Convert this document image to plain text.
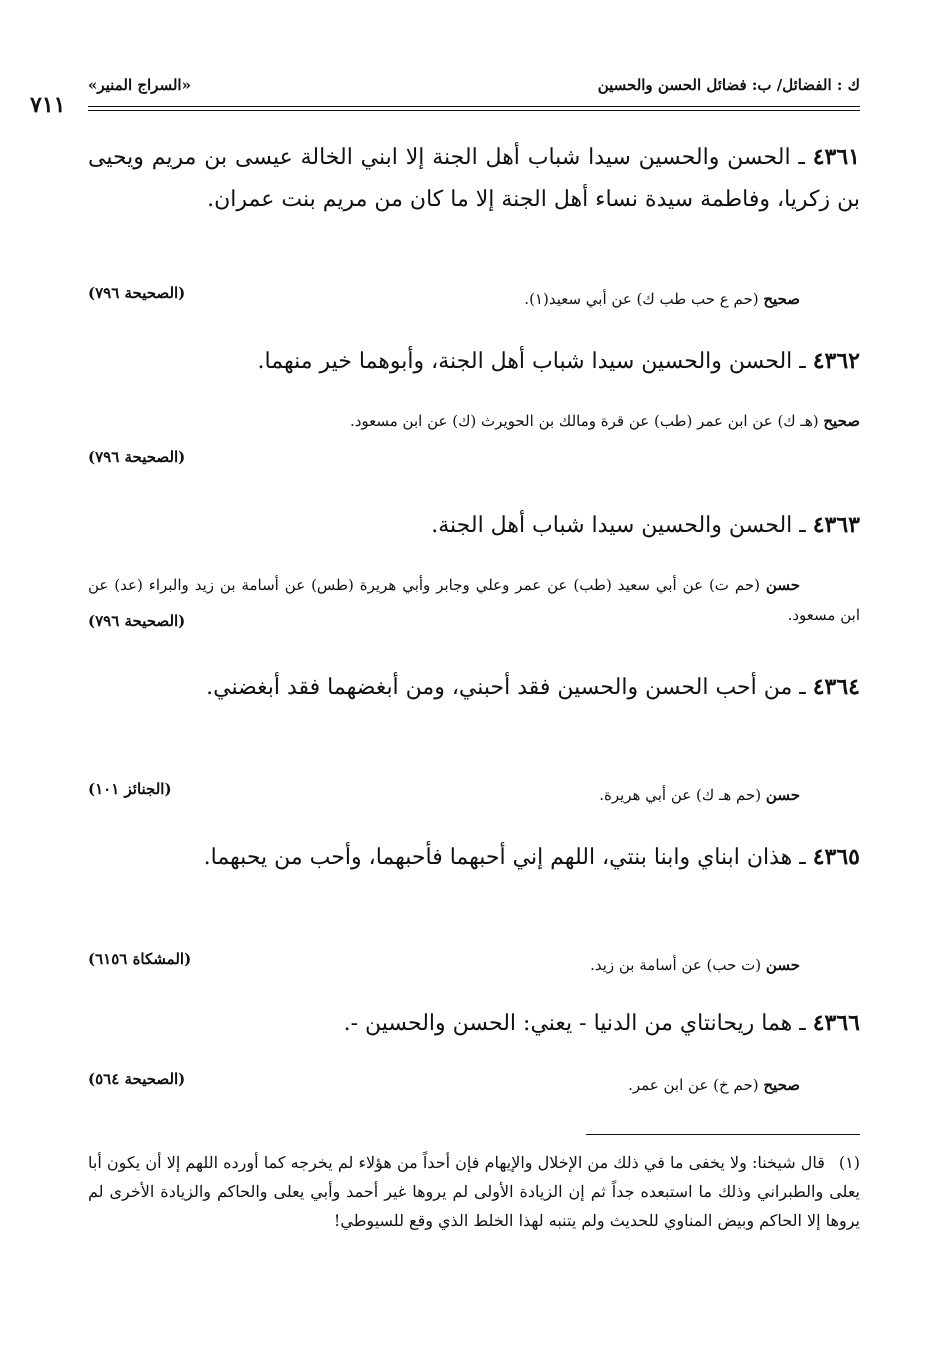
ك : الفضائل/ ب: فضائل الحسن والحسين
«السراج المنير»
٧١١
٤٣٦١ ـ الحسن والحسين سيدا شباب أهل الجنة إلا ابني الخالة عيسى بن مريم ويحيى بن زكريا، وفاطمة سيدة نساء أهل الجنة إلا ما كان من مريم بنت عمران.
صحيح (حم ع حب طب ك) عن أبي سعيد(١).
(الصحيحة ٧٩٦)
٤٣٦٢ ـ الحسن والحسين سيدا شباب أهل الجنة، وأبوهما خير منهما.
صحيح (هـ ك) عن ابن عمر (طب) عن قرة ومالك بن الحويرث (ك) عن ابن مسعود.
(الصحيحة ٧٩٦)
٤٣٦٣ ـ الحسن والحسين سيدا شباب أهل الجنة.
حسن (حم ت) عن أبي سعيد (طب) عن عمر وعلي وجابر وأبي هريرة (طس) عن أسامة بن زيد والبراء (عد) عن ابن مسعود.
(الصحيحة ٧٩٦)
٤٣٦٤ ـ من أحب الحسن والحسين فقد أحبني، ومن أبغضهما فقد أبغضني.
حسن (حم هـ ك) عن أبي هريرة.
(الجنائز ١٠١)
٤٣٦٥ ـ هذان ابناي وابنا بنتي، اللهم إني أحبهما فأحبهما، وأحب من يحبهما.
حسن (ت حب) عن أسامة بن زيد.
(المشكاة ٦١٥٦)
٤٣٦٦ ـ هما ريحانتاي من الدنيا - يعني: الحسن والحسين -.
صحيح (حم خ) عن ابن عمر.
(الصحيحة ٥٦٤)
(١)قال شيخنا: ولا يخفى ما في ذلك من الإخلال والإيهام فإن أحداً من هؤلاء لم يخرجه كما أورده اللهم إلا أن يكون أبا يعلى والطبراني وذلك ما استبعده جداً ثم إن الزيادة الأولى لم يروها غير أحمد وأبي يعلى والحاكم والزيادة الأخرى لم يروها إلا الحاكم وبيض المناوي للحديث ولم يتنبه لهذا الخلط الذي وقع للسيوطي!
